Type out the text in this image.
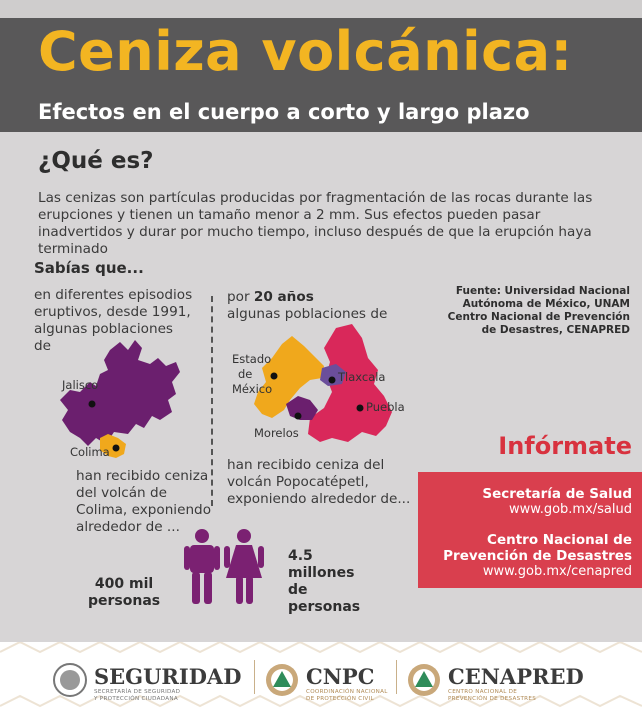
Ceniza volcánica:
Efectos en el cuerpo a corto y largo plazo
¿Qué es?
Las cenizas son partículas producidas por fragmentación de las rocas durante las erupciones y tienen un tamaño menor a 2 mm. Sus efectos pueden pasar inadvertidos y durar por mucho tiempo, incluso después de que la erupción haya terminado
Sabías que...
en diferentes episodios eruptivos, desde 1991, algunas poblaciones de
Jalisco
Colima
han recibido ceniza del volcán de Colima, exponiendo alrededor de ...
400 mil
personas
por 20 años
algunas poblaciones de
Estado
de
México
Tlaxcala
Puebla
Morelos
han recibido ceniza del volcán Popocatépetl, exponiendo alrededor de...
4.5
millones
de
personas
Fuente: Universidad Nacional
Autónoma de México, UNAM
Centro Nacional de Prevención
de Desastres, CENAPRED
Infórmate
Secretaría de Salud
www.gob.mx/salud
Centro Nacional de
Prevención de Desastres
www.gob.mx/cenapred
SEGURIDAD
SECRETARÍA DE SEGURIDAD
Y PROTECCIÓN CIUDADANA
CNPC
COORDINACIÓN NACIONAL
DE PROTECCIÓN CIVIL
CENAPRED
CENTRO NACIONAL DE
PREVENCIÓN DE DESASTRES
